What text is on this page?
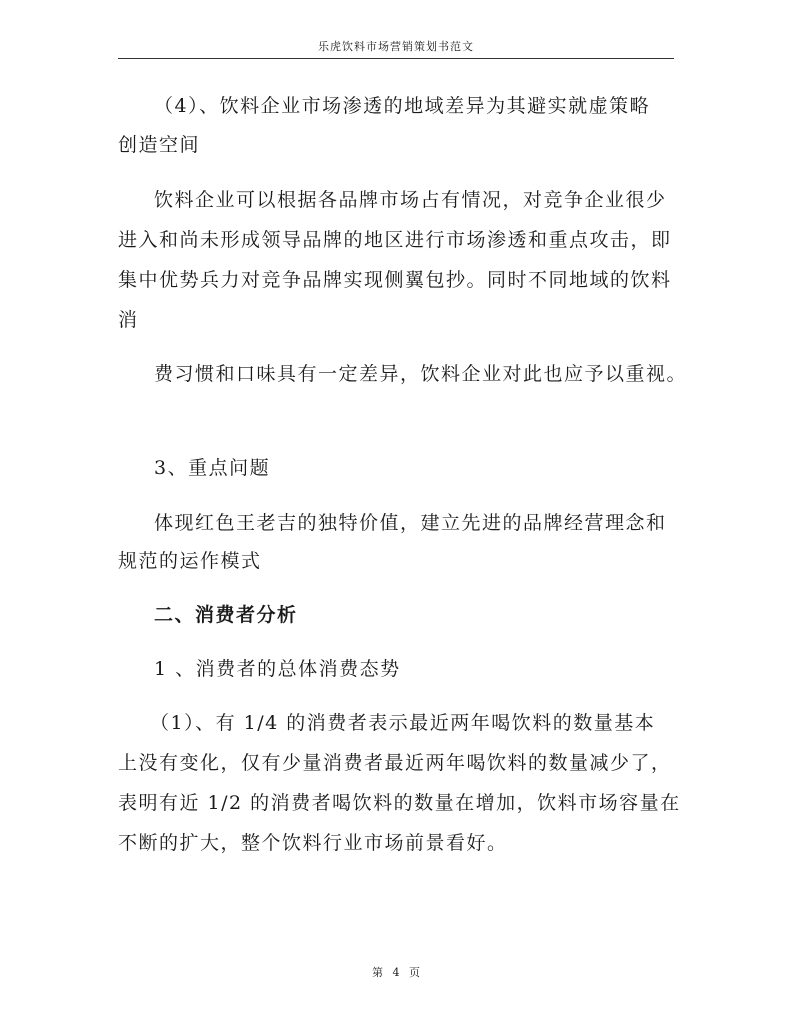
乐虎饮料市场营销策划书范文

（4）、饮料企业市场渗透的地域差异为其避实就虚策略

创造空间

饮料企业可以根据各品牌市场占有情况，对竞争企业很少

进入和尚未形成领导品牌的地区进行市场渗透和重点攻击，即

集中优势兵力对竞争品牌实现侧翼包抄。同时不同地域的饮料

消

费习惯和口味具有一定差异，饮料企业对此也应予以重视。

3、重点问题

体现红色王老吉的独特价值，建立先进的品牌经营理念和

规范的运作模式

二、消费者分析

1 、消费者的总体消费态势

（1）、有 1/4 的消费者表示最近两年喝饮料的数量基本

上没有变化，仅有少量消费者最近两年喝饮料的数量减少了，

表明有近 1/2 的消费者喝饮料的数量在增加，饮料市场容量在

不断的扩大，整个饮料行业市场前景看好。

第 4 页
